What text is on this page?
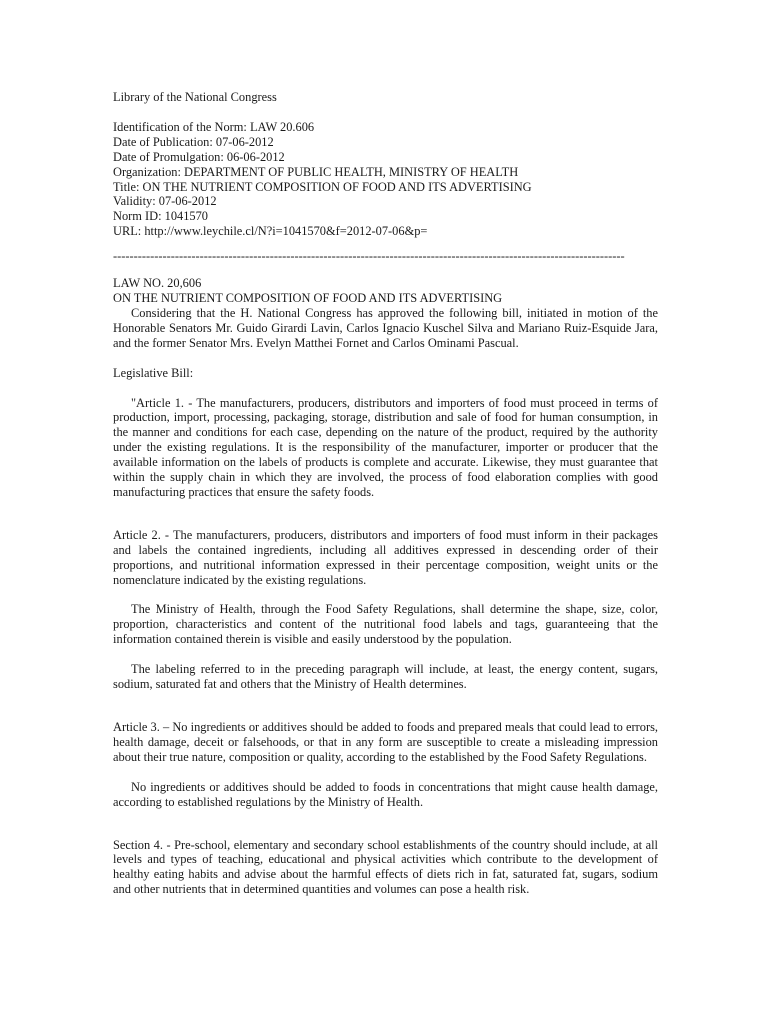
Library of the National Congress
Identification of the Norm: LAW 20.606
Date of Publication: 07-06-2012
Date of Promulgation: 06-06-2012
Organization: DEPARTMENT OF PUBLIC HEALTH, MINISTRY OF HEALTH
Title: ON THE NUTRIENT COMPOSITION OF FOOD AND ITS ADVERTISING
Validity: 07-06-2012
Norm ID: 1041570
URL: http://www.leychile.cl/N?i=1041570&f=2012-07-06&p=
----------------------------------------------------------------------------------------------------------------------------
LAW NO. 20,606
ON THE NUTRIENT COMPOSITION OF FOOD AND ITS ADVERTISING
Considering that the H. National Congress has approved the following bill, initiated in motion of the Honorable Senators Mr. Guido Girardi Lavin, Carlos Ignacio Kuschel Silva and Mariano Ruiz-Esquide Jara, and the former Senator Mrs. Evelyn Matthei Fornet and Carlos Ominami Pascual.
Legislative Bill:
"Article 1. - The manufacturers, producers, distributors and importers of food must proceed in terms of production, import, processing, packaging, storage, distribution and sale of food for human consumption, in the manner and conditions for each case, depending on the nature of the product, required by the authority under the existing regulations. It is the responsibility of the manufacturer, importer or producer that the available information on the labels of products is complete and accurate. Likewise, they must guarantee that within the supply chain in which they are involved, the process of food elaboration complies with good manufacturing practices that ensure the safety foods.
Article 2. - The manufacturers, producers, distributors and importers of food must inform in their packages and labels the contained ingredients, including all additives expressed in descending order of their proportions, and nutritional information expressed in their percentage composition, weight units or the nomenclature indicated by the existing regulations.
The Ministry of Health, through the Food Safety Regulations, shall determine the shape, size, color, proportion, characteristics and content of the nutritional food labels and tags, guaranteeing that the information contained therein is visible and easily understood by the population.
The labeling referred to in the preceding paragraph will include, at least, the energy content, sugars, sodium, saturated fat and others that the Ministry of Health determines.
Article 3. – No ingredients or additives should be added to foods and prepared meals that could lead to errors, health damage, deceit or falsehoods, or that in any form are susceptible to create a misleading impression about their true nature, composition or quality, according to the established by the Food Safety Regulations.
No ingredients or additives should be added to foods in concentrations that might cause health damage, according to established regulations by the Ministry of Health.
Section 4. - Pre-school, elementary and secondary school establishments of the country should include, at all levels and types of teaching, educational and physical activities which contribute to the development of healthy eating habits and advise about the harmful effects of diets rich in fat, saturated fat, sugars, sodium and other nutrients that in determined quantities and volumes can pose a health risk.
